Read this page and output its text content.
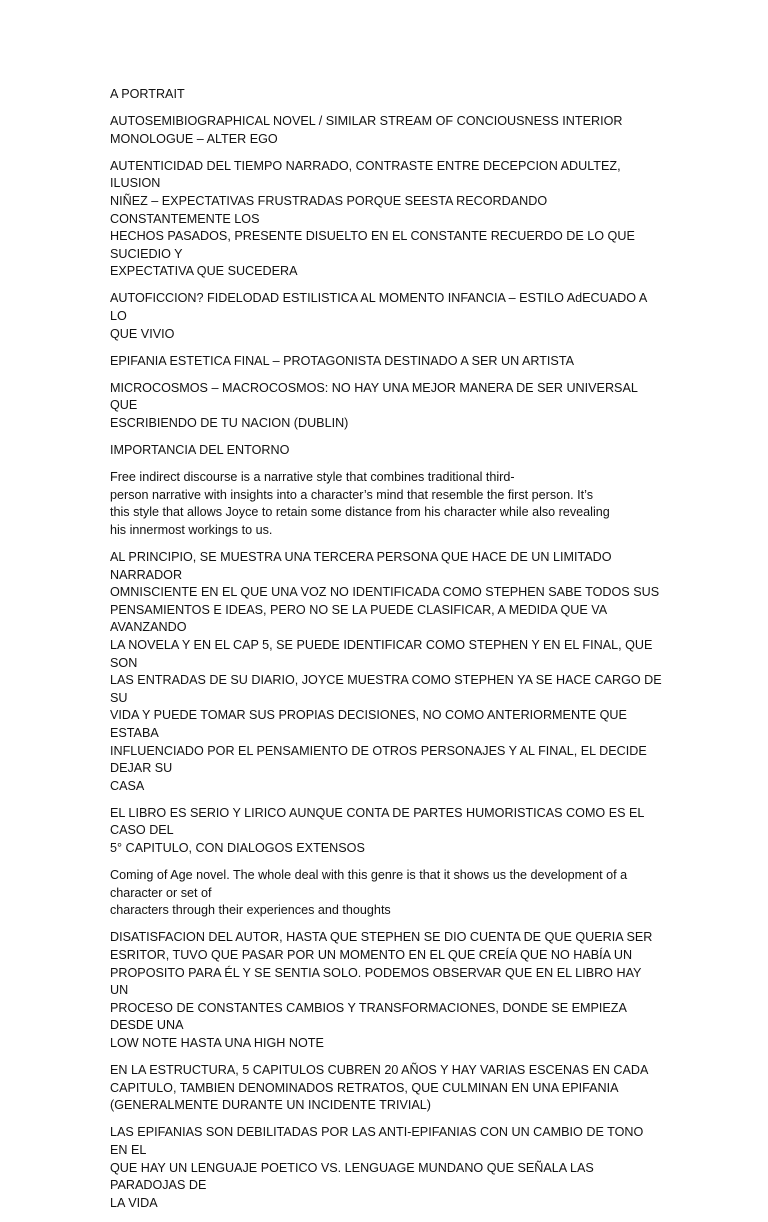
A PORTRAIT

AUTOSEMIBIOGRAPHICAL NOVEL / SIMILAR STREAM OF CONCIOUSNESS INTERIOR
MONOLOGUE – ALTER EGO

AUTENTICIDAD DEL TIEMPO NARRADO, CONTRASTE ENTRE DECEPCION ADULTEZ, ILUSION
NIÑEZ – EXPECTATIVAS FRUSTRADAS PORQUE SEESTA RECORDANDO CONSTANTEMENTE LOS
HECHOS PASADOS, PRESENTE DISUELTO EN EL CONSTANTE RECUERDO DE LO QUE SUCIEDIO Y
EXPECTATIVA QUE SUCEDERA

AUTOFICCION? FIDELODAD ESTILISTICA AL MOMENTO INFANCIA – ESTILO AdECUADO A LO
QUE VIVIO

EPIFANIA ESTETICA FINAL – PROTAGONISTA DESTINADO A SER UN ARTISTA

MICROCOSMOS – MACROCOSMOS: NO HAY UNA MEJOR MANERA DE SER UNIVERSAL QUE
ESCRIBIENDO DE TU NACION (DUBLIN)

IMPORTANCIA DEL ENTORNO

Free indirect discourse is a narrative style that combines traditional third-
person narrative with insights into a character’s mind that resemble the first person. It’s
this style that allows Joyce to retain some distance from his character while also revealing
his innermost workings to us.

AL PRINCIPIO, SE MUESTRA UNA TERCERA PERSONA QUE HACE DE UN LIMITADO NARRADOR
OMNISCIENTE EN EL QUE UNA VOZ NO IDENTIFICADA COMO STEPHEN SABE TODOS SUS
PENSAMIENTOS E IDEAS, PERO NO SE LA PUEDE CLASIFICAR, A MEDIDA QUE VA AVANZANDO
LA NOVELA Y EN EL CAP 5, SE PUEDE IDENTIFICAR COMO STEPHEN Y EN EL FINAL, QUE SON
LAS ENTRADAS DE SU DIARIO, JOYCE MUESTRA COMO STEPHEN YA SE HACE CARGO DE SU
VIDA Y PUEDE TOMAR SUS PROPIAS DECISIONES, NO COMO ANTERIORMENTE QUE ESTABA
INFLUENCIADO POR EL PENSAMIENTO DE OTROS PERSONAJES Y AL FINAL, EL DECIDE DEJAR SU
CASA

EL LIBRO ES SERIO Y LIRICO AUNQUE CONTA DE PARTES HUMORISTICAS COMO ES EL CASO DEL
5° CAPITULO, CON DIALOGOS EXTENSOS

Coming of Age novel. The whole deal with this genre is that it shows us the development of a
character or set of
characters through their experiences and thoughts

DISATISFACION DEL AUTOR, HASTA QUE STEPHEN SE DIO CUENTA DE QUE QUERIA SER
ESRITOR, TUVO QUE PASAR POR UN MOMENTO EN EL QUE CREÍA QUE NO HABÍA UN
PROPOSITO PARA ÉL Y SE SENTIA SOLO. PODEMOS OBSERVAR QUE EN EL LIBRO HAY UN
PROCESO DE CONSTANTES CAMBIOS Y TRANSFORMACIONES, DONDE SE EMPIEZA DESDE UNA
LOW NOTE HASTA UNA HIGH NOTE

EN LA ESTRUCTURA, 5 CAPITULOS CUBREN 20 AÑOS Y HAY VARIAS ESCENAS EN CADA
CAPITULO, TAMBIEN DENOMINADOS RETRATOS, QUE CULMINAN EN UNA EPIFANIA
(GENERALMENTE DURANTE UN INCIDENTE TRIVIAL)

LAS EPIFANIAS SON DEBILITADAS POR LAS ANTI-EPIFANIAS CON UN CAMBIO DE TONO EN EL
QUE HAY UN LENGUAJE POETICO VS. LENGUAGE MUNDANO QUE SEÑALA LAS PARADOJAS DE
LA VIDA
